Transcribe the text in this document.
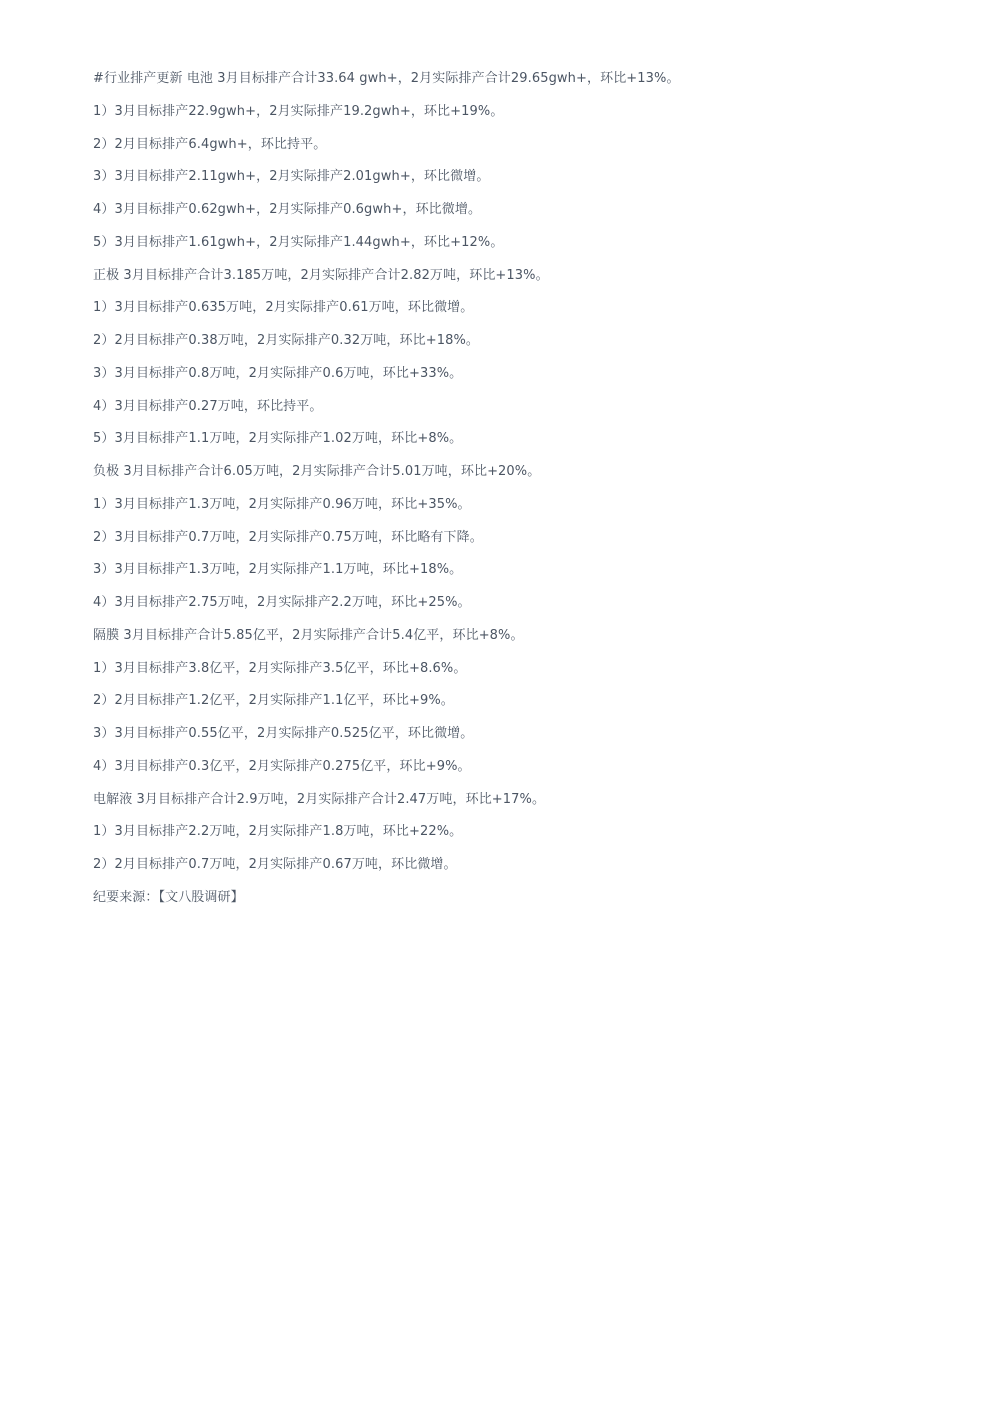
#行业排产更新 电池 3月目标排产合计33.64 gwh+，2月实际排产合计29.65gwh+，环比+13%。
1）3月目标排产22.9gwh+，2月实际排产19.2gwh+，环比+19%。
2）2月目标排产6.4gwh+，环比持平。
3）3月目标排产2.11gwh+，2月实际排产2.01gwh+，环比微增。
4）3月目标排产0.62gwh+，2月实际排产0.6gwh+，环比微增。
5）3月目标排产1.61gwh+，2月实际排产1.44gwh+，环比+12%。
正极 3月目标排产合计3.185万吨，2月实际排产合计2.82万吨，环比+13%。
1）3月目标排产0.635万吨，2月实际排产0.61万吨，环比微增。
2）2月目标排产0.38万吨，2月实际排产0.32万吨，环比+18%。
3）3月目标排产0.8万吨，2月实际排产0.6万吨，环比+33%。
4）3月目标排产0.27万吨，环比持平。
5）3月目标排产1.1万吨，2月实际排产1.02万吨，环比+8%。
负极 3月目标排产合计6.05万吨，2月实际排产合计5.01万吨，环比+20%。
1）3月目标排产1.3万吨，2月实际排产0.96万吨，环比+35%。
2）3月目标排产0.7万吨，2月实际排产0.75万吨，环比略有下降。
3）3月目标排产1.3万吨，2月实际排产1.1万吨，环比+18%。
4）3月目标排产2.75万吨，2月实际排产2.2万吨，环比+25%。
隔膜 3月目标排产合计5.85亿平，2月实际排产合计5.4亿平，环比+8%。
1）3月目标排产3.8亿平，2月实际排产3.5亿平，环比+8.6%。
2）2月目标排产1.2亿平，2月实际排产1.1亿平，环比+9%。
3）3月目标排产0.55亿平，2月实际排产0.525亿平，环比微增。
4）3月目标排产0.3亿平，2月实际排产0.275亿平，环比+9%。
电解液 3月目标排产合计2.9万吨，2月实际排产合计2.47万吨，环比+17%。
1）3月目标排产2.2万吨，2月实际排产1.8万吨，环比+22%。
2）2月目标排产0.7万吨，2月实际排产0.67万吨，环比微增。
纪要来源：【文八股调研】
